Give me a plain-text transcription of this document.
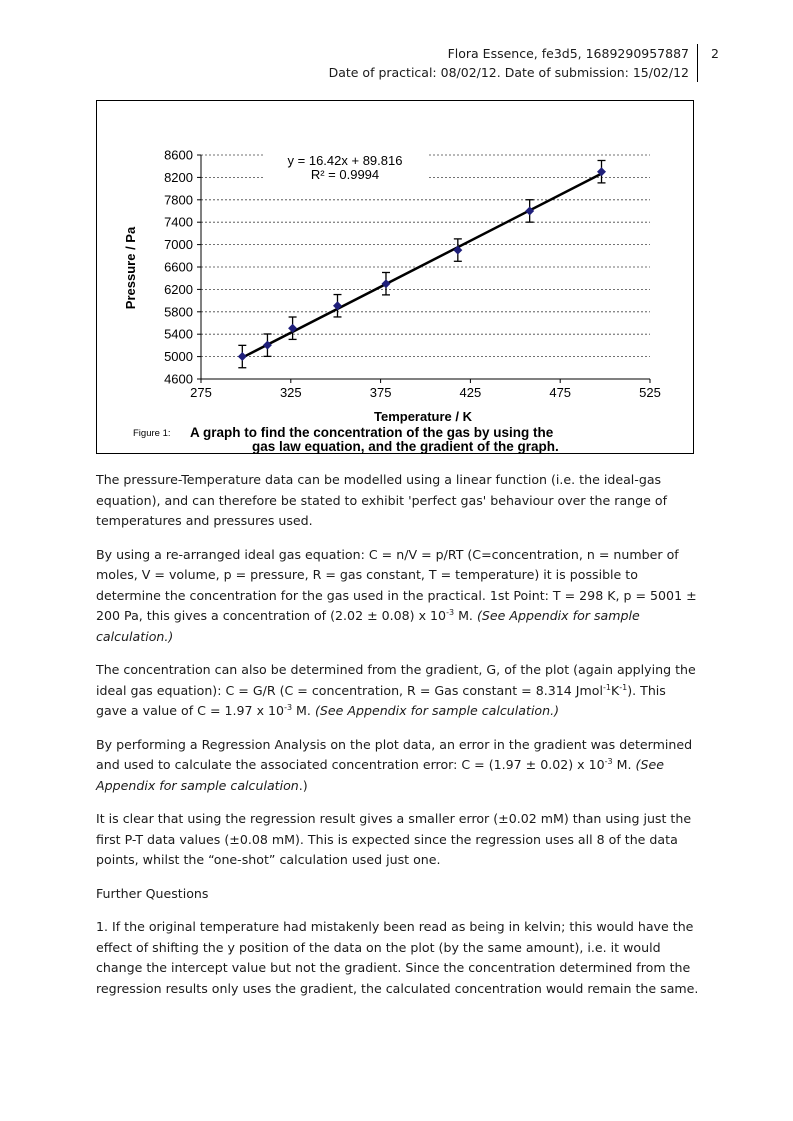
Flora Essence, fe3d5, 1689290957887
Date of practical: 08/02/12. Date of submission: 15/02/12
2
4600
5000
5400
5800
6200
6600
7000
7400
7800
8200
8600
275	325	375	425	475	525
y = 16.42x + 89.816
R² = 0.9994
Pressure / Pa
Temperature / K
Figure 1: A graph to find the concentration of the gas by using the
gas law equation, and the gradient of the graph.

The pressure-Temperature data can be modelled using a linear function (i.e. the ideal-gas equation), and can therefore be stated to exhibit 'perfect gas' behaviour over the range of temperatures and pressures used.

By using a re-arranged ideal gas equation: C = n/V = p/RT (C=concentration, n = number of moles, V = volume, p = pressure, R = gas constant, T = temperature) it is possible to determine the concentration for the gas used in the practical. 1st Point: T = 298 K, p = 5001 ± 200 Pa, this gives a concentration of (2.02 ± 0.08) x $10^{-3}$ M. (See Appendix for sample calculation.)

The concentration can also be determined from the gradient, G, of the plot (again applying the ideal gas equation): C = G/R (C = concentration, R = Gas constant = 8.314 $Jmol^{-1}K^{-1}$). This gave a value of C = 1.97 x $10^{-3}$ M. (See Appendix for sample calculation.)

By performing a Regression Analysis on the plot data, an error in the gradient was determined and used to calculate the associated concentration error: C = (1.97 ± 0.02) x $10^{-3}$ M. (See Appendix for sample calculation.)

It is clear that using the regression result gives a smaller error (±0.02 mM) than using just the first P-T data values (±0.08 mM). This is expected since the regression uses all 8 of the data points, whilst the “one-shot” calculation used just one.

Further Questions

1. If the original temperature had mistakenly been read as being in kelvin; this would have the effect of shifting the y position of the data on the plot (by the same amount), i.e. it would change the intercept value but not the gradient. Since the concentration determined from the regression results only uses the gradient, the calculated concentration would remain the same.
